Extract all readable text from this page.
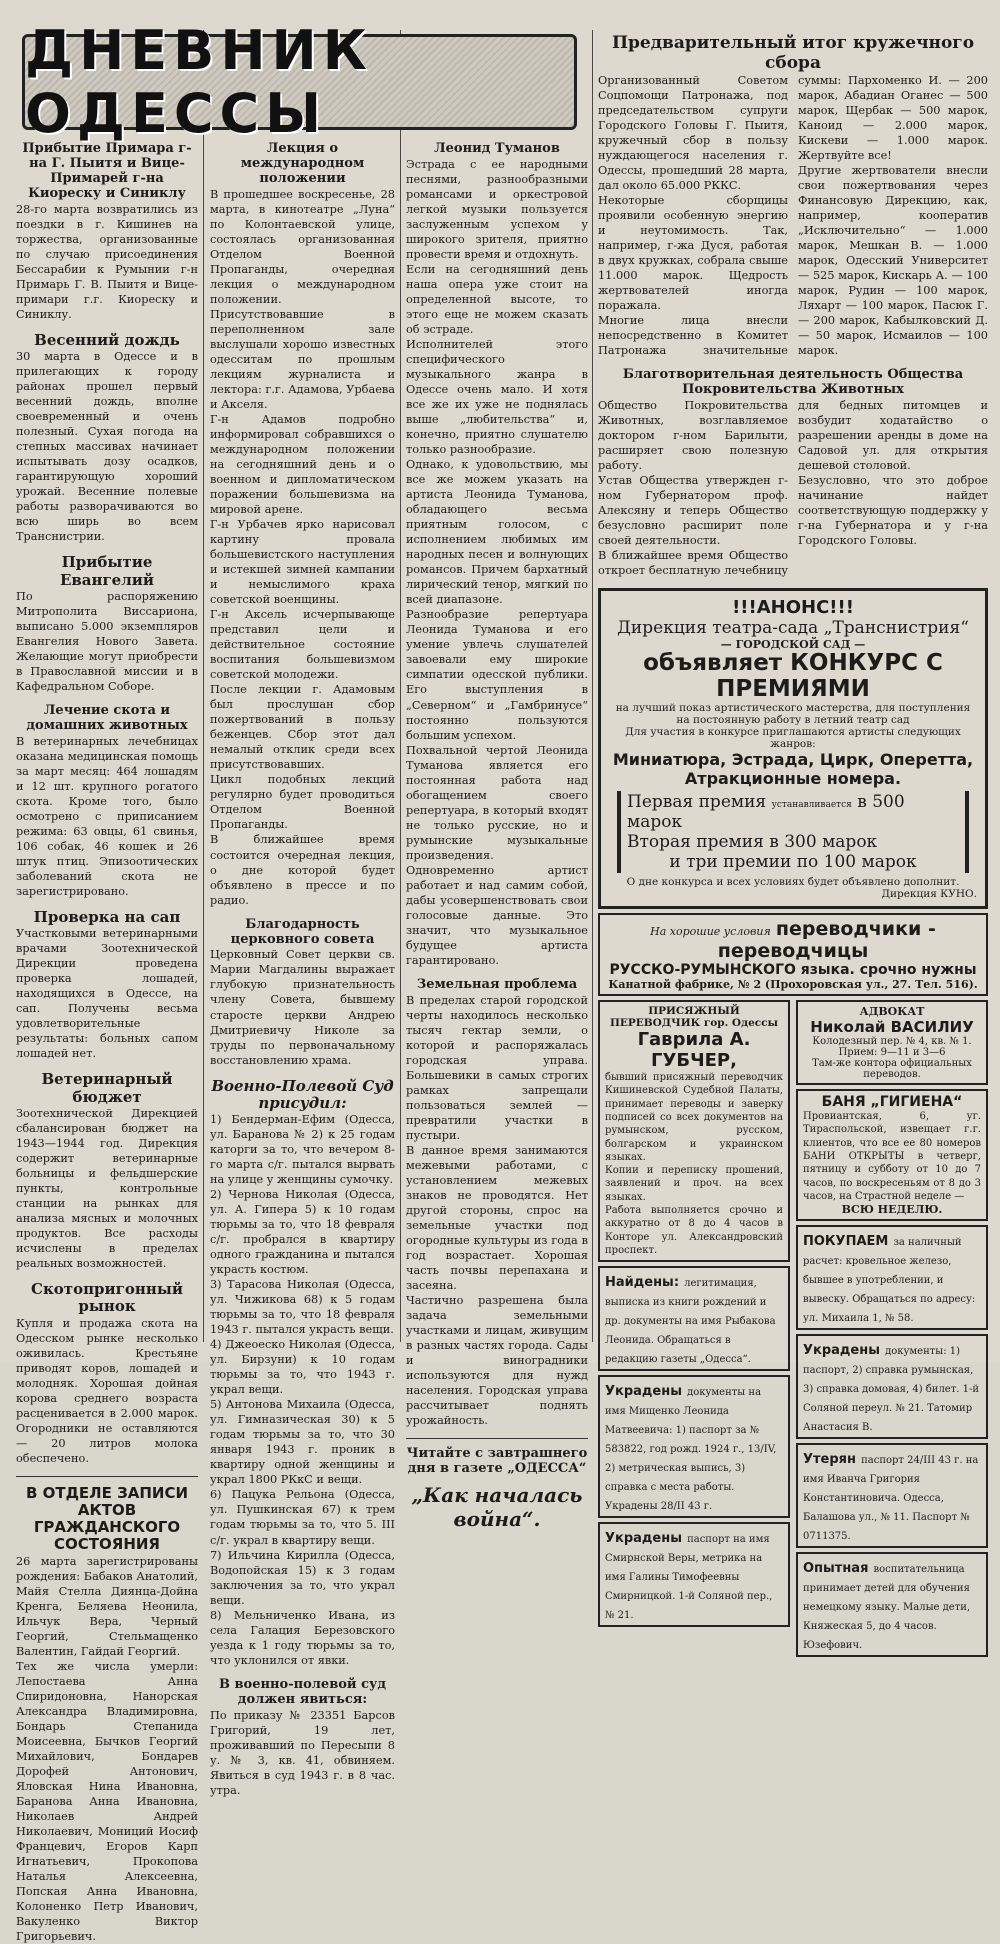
ДНЕВНИК ОДЕССЫ
Прибытие Примара г-на Г. Пыитя и Вице-Примарей г-на Киореску и Синиклу

28-го марта возвратились из поездки в г. Кишинев на торжества, организованные по случаю присоединения Бессарабии к Румынии г-н Примарь Г. В. Пыитя и Вице-примари г.г. Киореску и Синиклу.

Весенний дождь

30 марта в Одессе и в прилегающих к городу районах прошел первый весенний дождь, вполне своевременный и очень полезный. Сухая погода на степных массивах начинает испытывать дозу осадков, гарантирующую хороший урожай. Весенние полевые работы разворачиваются во всю ширь во всем Транснистрии.

Прибытие Евангелий

По распоряжению Митрополита Виссариона, выписано 5.000 экземпляров Евангелия Нового Завета. Желающие могут приобрести в Православной миссии и в Кафедральном Соборе.

Лечение скота и домашних животных

В ветеринарных лечебницах оказана медицинская помощь за март месяц: 464 лошадям и 12 шт. крупного рогатого скота. Кроме того, было осмотрено с приписанием режима: 63 овцы, 61 свинья, 106 собак, 46 кошек и 26 штук птиц. Эпизоотических заболеваний скота не зарегистрировано.

Проверка на сап

Участковыми ветеринарными врачами Зоотехнической Дирекции проведена проверка лошадей, находящихся в Одессе, на сап. Получены весьма удовлетворительные результаты: больных сапом лошадей нет.

Ветеринарный бюджет

Зоотехнической Дирекцией сбалансирован бюджет на 1943—1944 год. Дирекция содержит ветеринарные больницы и фельдшерские пункты, контрольные станции на рынках для анализа мясных и молочных продуктов. Все расходы исчислены в пределах реальных возможностей.

Скотопригонный рынок

Купля и продажа скота на Одесском рынке несколько оживилась. Крестьяне приводят коров, лошадей и молодняк. Хорошая дойная корова среднего возраста расценивается в 2.000 марок. Огородники не оставляются — 20 литров молока обеспечено.

В ОТДЕЛЕ ЗАПИСИ АКТОВ ГРАЖДАНСКОГО СОСТОЯНИЯ

26 марта зарегистрированы рождения: Бабаков Анатолий, Майя Стелла Диянца-Дойна Кренга, Беляева Неонила, Ильчук Вера, Черный Георгий, Стельмащенко Валентин, Гайдай Георгий.

Тех же числа умерли: Лепостаева Анна Спиридоновна, Нанорская Александра Владимировна, Бондарь Степанида Моисеевна, Бычков Георгий Михайлович, Бондарев Дорофей Антонович, Яловская Нина Ивановна, Баранова Анна Ивановна, Николаев Андрей Николаевич, Мониций Иосиф Францевич, Егоров Карп Игнатьевич, Прокопова Наталья Алексеевна, Попская Анна Ивановна, Колоненко Петр Иванович, Вакуленко Виктор Григорьевич.

Лекция о международном положении

В прошедшее воскресенье, 28 марта, в кинотеатре „Луна“ по Колонтаевской улице, состоялась организованная Отделом Военной Пропаганды, очередная лекция о международном положении.

Присутствовавшие в переполненном зале выслушали хорошо известных одесситам по прошлым лекциям журналиста и лектора: г.г. Адамова, Урбаева и Акселя.

Г-н Адамов подробно информировал собравшихся о международном положении на сегодняшний день и о военном и дипломатическом поражении большевизма на мировой арене.

Г-н Урбачев ярко нарисовал картину провала большевистского наступления и истекшей зимней кампании и немыслимого краха советской военщины.

Г-н Аксель исчерпывающе представил цели и действительное состояние воспитания большевизмом советской молодежи.

После лекции г. Адамовым был прослушан сбор пожертвований в пользу беженцев. Сбор этот дал немалый отклик среди всех присутствовавших.

Цикл подобных лекций регулярно будет проводиться Отделом Военной Пропаганды.

В ближайшее время состоится очередная лекция, о дне которой будет объявлено в прессе и по радио.

Благодарность церковного совета

Церковный Совет церкви св. Марии Магдалины выражает глубокую признательность члену Совета, бывшему старосте церкви Андрею Дмитриевичу Николе за труды по первоначальному восстановлению храма.

Военно-Полевой Суд присудил:

1) Бендерман-Ефим (Одесса, ул. Баранова № 2) к 25 годам каторги за то, что вечером 8-го марта с/г. пытался вырвать на улице у женщины сумочку.

2) Чернова Николая (Одесса, ул. А. Гипера 5) к 10 годам тюрьмы за то, что 18 февраля с/г. пробрался в квартиру одного гражданина и пытался украсть костюм.

3) Тарасова Николая (Одесса, ул. Чижикова 68) к 5 годам тюрьмы за то, что 18 февраля 1943 г. пытался украсть вещи.

4) Джеоеско Николая (Одесса, ул. Бирзуни) к 10 годам тюрьмы за то, что 1943 г. украл вещи.

5) Антонова Михаила (Одесса, ул. Гимназическая 30) к 5 годам тюрьмы за то, что 30 января 1943 г. проник в квартиру одной женщины и украл 1800 РКкС и вещи.

6) Пацука Рельона (Одесса, ул. Пушкинская 67) к трем годам тюрьмы за то, что 5. III с/г. украл в квартиру вещи.

7) Ильчина Кирилла (Одесса, Водопойская 15) к 3 годам заключения за то, что украл вещи.

8) Мельниченко Ивана, из села Галация Березовского уезда к 1 году тюрьмы за то, что уклонился от явки.

В военно-полевой суд должен явиться:

По приказу № 23351 Барсов Григорий, 19 лет, проживавший по Пересыпи 8 у. № 3, кв. 41, обвиняем. Явиться в суд 1943 г. в 8 час. утра.

Леонид Туманов

Эстрада с ее народными песнями, разнообразными романсами и оркестровой легкой музыки пользуется заслуженным успехом у широкого зрителя, приятно провести время и отдохнуть.

Если на сегодняшний день наша опера уже стоит на определенной высоте, то этого еще не можем сказать об эстраде.

Исполнителей этого специфического музыкального жанра в Одессе очень мало. И хотя все же их уже не поднялась выше „любительства“ и, конечно, приятно слушателю только разнообразие.

Однако, к удовольствию, мы все же можем указать на артиста Леонида Туманова, обладающего весьма приятным голосом, с исполнением любимых им народных песен и волнующих романсов. Причем бархатный лирический тенор, мягкий по всей диапазоне.

Разнообразие репертуара Леонида Туманова и его умение увлечь слушателей завоевали ему широкие симпатии одесской публики. Его выступления в „Северном“ и „Гамбринусе“ постоянно пользуются большим успехом.

Похвальной чертой Леонида Туманова является его постоянная работа над обогащением своего репертуара, в который входят не только русские, но и румынские музыкальные произведения.

Одновременно артист работает и над самим собой, дабы усовершенствовать свои голосовые данные. Это значит, что музыкальное будущее артиста гарантировано.

Земельная проблема

В пределах старой городской черты находилось несколько тысяч гектар земли, о которой и распоряжалась городская управа. Большевики в самых строгих рамках запрещали пользоваться землей — превратили участки в пустыри.

В данное время занимаются межевыми работами, с установлением межевых знаков не проводятся. Нет другой стороны, спрос на земельные участки под огородные культуры из года в год возрастает. Хорошая часть почвы перепахана и засеяна.

Частично разрешена была задача земельными участками и лицам, живущим в разных частях города. Сады и виноградники используются для нужд населения. Городская управа рассчитывает поднять урожайность.

Читайте с завтрашнего дня в газете „ОДЕССА“
„Как началась война“.
Предварительный итог кружечного сбора

Организованный Советом Соцпомощи Патронажа, под председательством супруги Городского Головы Г. Пыитя, кружечный сбор в пользу нуждающегося населения г. Одессы, прошедший 28 марта, дал около 65.000 РККС.

Некоторые сборщицы проявили особенную энергию и неутомимость. Так, например, г-жа Дуся, работая в двух кружках, собрала свыше 11.000 марок. Щедрость жертвователей иногда поражала.

Многие лица внесли непосредственно в Комитет Патронажа значительные суммы: Пархоменко И. — 200 марок, Абадиан Оганес — 500 марок, Щербак — 500 марок, Каноид — 2.000 марок, Кискеви — 1.000 марок. Жертвуйте все!

Другие жертвователи внесли свои пожертвования через Финансовую Дирекцию, как, например, кооператив „Исключительно“ — 1.000 марок, Мешкан В. — 1.000 марок, Одесский Университет — 525 марок, Кискарь А. — 100 марок, Рудин — 100 марок, Ляхарт — 100 марок, Пасюк Г. — 200 марок, Кабылковский Д. — 50 марок, Исмаилов — 100 марок.

Благотворительная деятельность Общества Покровительства Животных

Общество Покровительства Животных, возглавляемое доктором г-ном Барилыти, расширяет свою полезную работу.

Устав Общества утвержден г-ном Губернатором проф. Алексяну и теперь Общество безусловно расширит поле своей деятельности.

В ближайшее время Общество откроет бесплатную лечебницу для бедных питомцев и возбудит ходатайство о разрешении аренды в доме на Садовой ул. для открытия дешевой столовой.

Безусловно, что это доброе начинание найдет соответствующую поддержку у г-на Губернатора и у г-на Городского Головы.

!!!АНОНС!!!
Дирекция театра-сада „Транснистрия“
— ГОРОДСКОЙ САД —
объявляет КОНКУРС С ПРЕМИЯМИ
на лучший показ артистического мастерства, для поступления на постоянную работу в летний театр сад
Для участия в конкурсе приглашаются артисты следующих жанров:
Миниатюра, Эстрада, Цирк, Оперетта,
Атракционные номера.
Первая премия устанавливается в 500 марок
Вторая премия в 300 марок
и три премии по 100 марок
О дне конкурса и всех условиях будет объявлено дополнит.
Дирекция КУНО.
На хорошие условия переводчики - переводчицы
РУССКО-РУМЫНСКОГО языка. срочно нужны
Канатной фабрике, № 2 (Прохоровская ул., 27. Тел. 516).
ПРИСЯЖНЫЙ ПЕРЕВОДЧИК гор. Одессы
Гаврила А. ГУБЧЕР,

бывший присяжный переводчик Кишиневской Судебной Палаты, принимает переводы и заверку подписей со всех документов на румынском, русском, болгарском и украинском языках.

Копии и переписку прошений, заявлений и проч. на всех языках.

Работа выполняется срочно и аккуратно от 8 до 4 часов в Конторе ул. Александровский проспект.

Найдены: легитимация, выписка из книги рождений и др. документы на имя Рыбакова Леонида. Обращаться в редакцию газеты „Одесса“.
Украдены документы на имя Мищенко Леонида Матвеевича: 1) паспорт за № 583822, год рожд. 1924 г., 13/IV, 2) метрическая выпись, 3) справка с места работы. Украдены 28/II 43 г.
Украдены паспорт на имя Смирнской Веры, метрика на имя Галины Тимофеевны Смирницкой. 1-й Соляной пер., № 21.
АДВОКАТ
Николай ВАСИЛИУ
Колодезный пер. № 4, кв. № 1.
Прием: 9—11 и 3—6
Там-же контора официальных переводов.
БАНЯ „ГИГИЕНА“

Провиантская, 6, уг. Тираспольской, извещает г.г. клиентов, что все ее 80 номеров БАНИ ОТКРЫТЫ в четверг, пятницу и субботу от 10 до 7 часов, по воскресеньям от 8 до 3 часов, на Страстной неделе —

ВСЮ НЕДЕЛЮ.
ПОКУПАЕМ за наличный расчет: кровельное железо, бывшее в употреблении, и вывеску. Обращаться по адресу: ул. Михаила 1, № 58.
Украдены документы: 1) паспорт, 2) справка румынская, 3) справка домовая, 4) билет. 1-й Соляной переул. № 21. Татомир Анастасия В.
Утерян паспорт 24/III 43 г. на имя Иванча Григория Константиновича. Одесса, Балашова ул., № 11. Паспорт № 0711375.
Опытная воспитательница принимает детей для обучения немецкому языку. Малые дети, Княжеская 5, до 4 часов. Юзефович.
